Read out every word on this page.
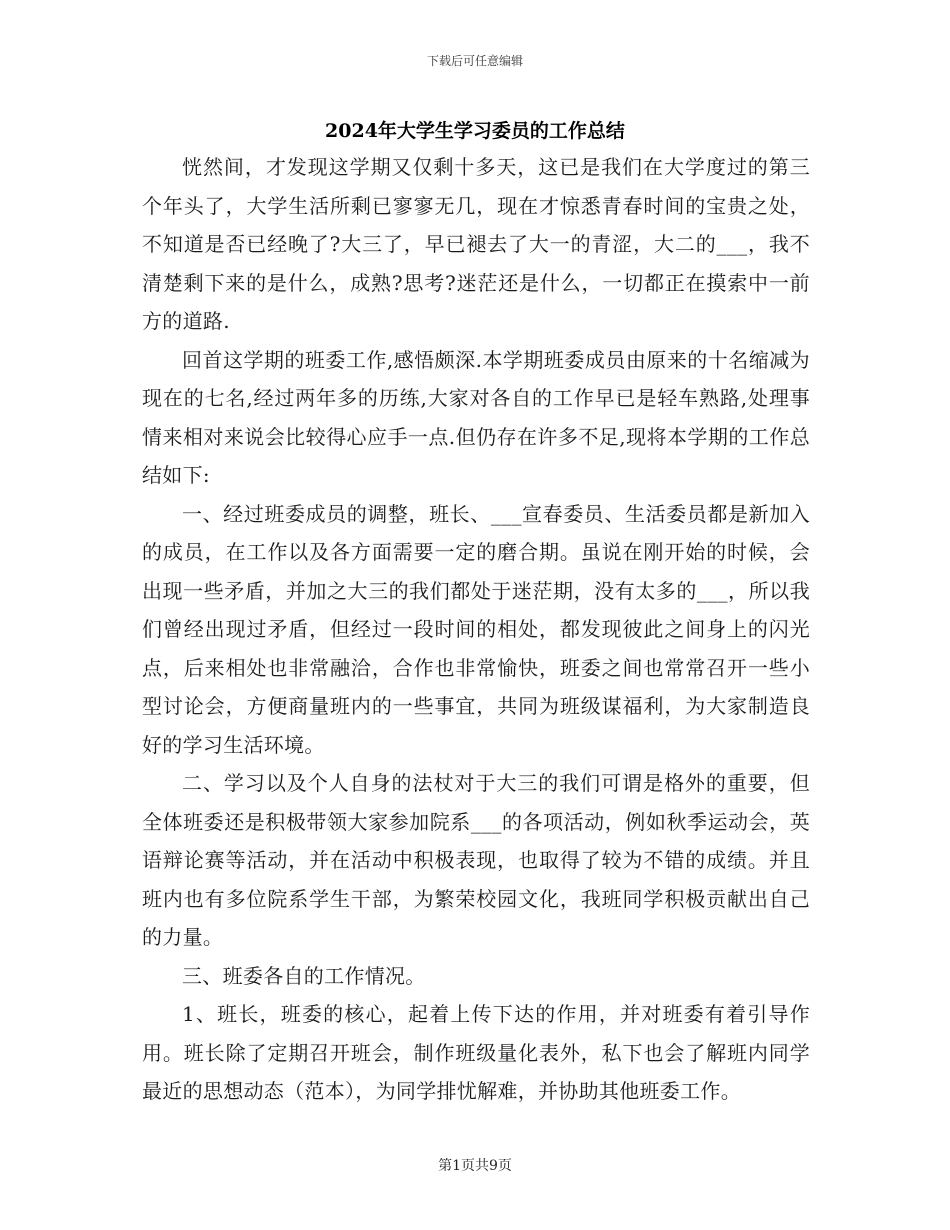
下载后可任意编辑
2024年大学生学习委员的工作总结

恍然间，才发现这学期又仅剩十多天，这已是我们在大学度过的第三个年头了，大学生活所剩已寥寥无几，现在才惊悉青春时间的宝贵之处，不知道是否已经晚了?大三了，早已褪去了大一的青涩，大二的___，我不清楚剩下来的是什么，成熟?思考?迷茫还是什么，一切都正在摸索中一前方的道路.

回首这学期的班委工作,感悟颇深.本学期班委成员由原来的十名缩减为现在的七名,经过两年多的历练,大家对各自的工作早已是轻车熟路,处理事情来相对来说会比较得心应手一点.但仍存在许多不足,现将本学期的工作总结如下:

一、经过班委成员的调整，班长、___宣春委员、生活委员都是新加入的成员，在工作以及各方面需要一定的磨合期。虽说在刚开始的时候，会出现一些矛盾，并加之大三的我们都处于迷茫期，没有太多的___，所以我们曾经出现过矛盾，但经过一段时间的相处，都发现彼此之间身上的闪光点，后来相处也非常融洽，合作也非常愉快，班委之间也常常召开一些小型讨论会，方便商量班内的一些事宜，共同为班级谋福利，为大家制造良好的学习生活环境。

二、学习以及个人自身的法杖对于大三的我们可谓是格外的重要，但全体班委还是积极带领大家参加院系___的各项活动，例如秋季运动会，英语辩论赛等活动，并在活动中积极表现，也取得了较为不错的成绩。并且班内也有多位院系学生干部，为繁荣校园文化，我班同学积极贡献出自己的力量。

三、班委各自的工作情况。

1、班长，班委的核心，起着上传下达的作用，并对班委有着引导作用。班长除了定期召开班会，制作班级量化表外，私下也会了解班内同学最近的思想动态（范本），为同学排忧解难，并协助其他班委工作。

第1页共9页
